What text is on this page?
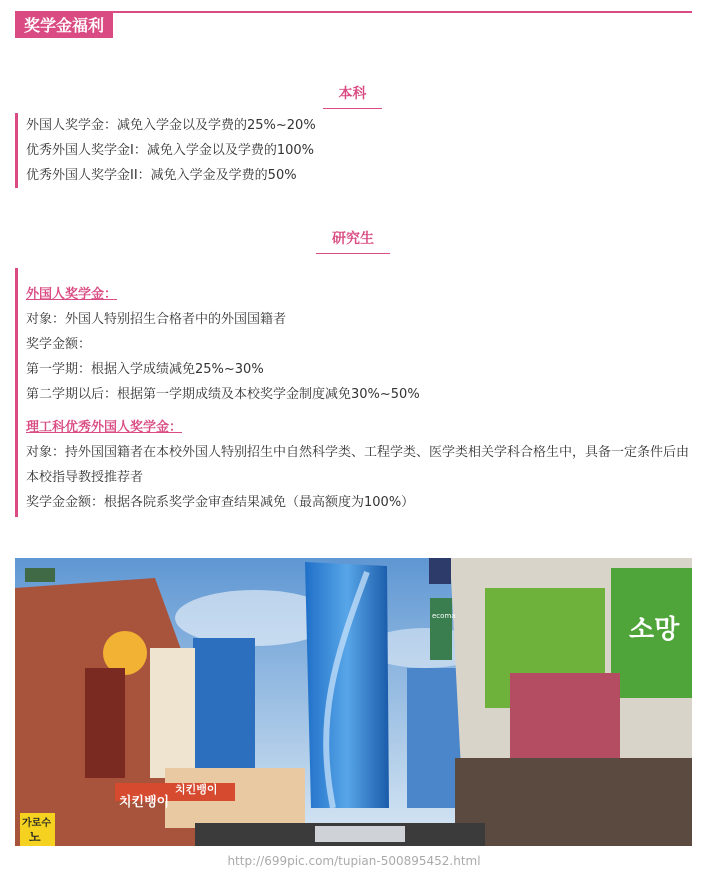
奖学金福利
本科
外国人奖学金：减免入学金以及学费的25%~20%
优秀外国人奖学金I：减免入学金以及学费的100%
优秀外国人奖学金II：减免入学金及学费的50%
研究生
外国人奖学金：
对象：外国人特别招生合格者中的外国国籍者
奖学金额：
第一学期：根据入学成绩减免25%~30%
第二学期以后：根据第一学期成绩及本校奖学金制度减免30%~50%
理工科优秀外国人奖学金：
对象：持外国国籍者在本校外国人特别招生中自然科学类、工程学类、医学类相关学科合格生中，具备一定条件后由本校指导教授推荐者
奖学金金额：根据各院系奖学金审查结果减免（最高额度为100%）
소망
치킨뱅이
치킨뱅이
가로수
노
ecoma
http://699pic.com/tupian-500895452.html
